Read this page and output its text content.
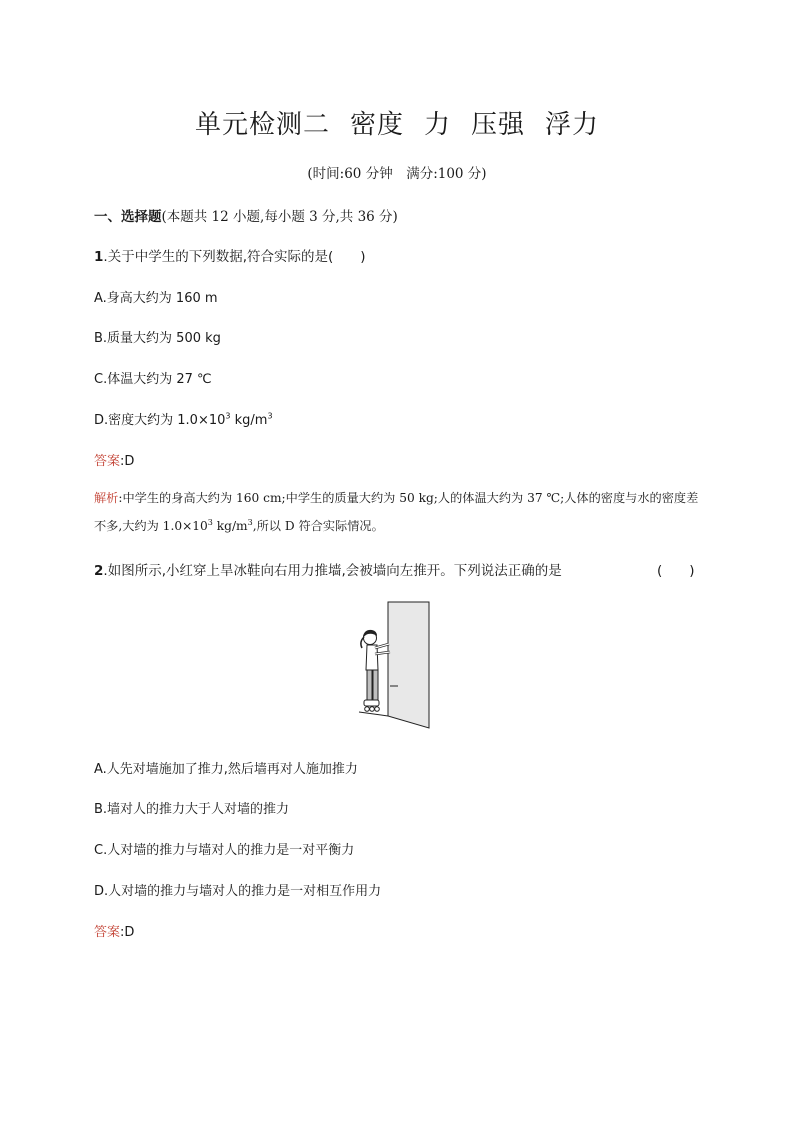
单元检测二 密度 力 压强 浮力
(时间:60 分钟　满分:100 分)
一、选择题(本题共 12 小题,每小题 3 分,共 36 分)
1.关于中学生的下列数据,符合实际的是(　　)
A.身高大约为 160 m
B.质量大约为 500 kg
C.体温大约为 27 ℃
D.密度大约为 $1.0\times 10^3$ $kg/m^3$
答案:D
解析:中学生的身高大约为 160 cm;中学生的质量大约为 50 kg;人的体温大约为 37 ℃;人体的密度与水的密度差不多,大约为 $1.0\times 10^3$ $kg/m^3$,所以 D 符合实际情况。
2.如图所示,小红穿上旱冰鞋向右用力推墙,会被墙向左推开。下列说法正确的是	(　　)
A.人先对墙施加了推力,然后墙再对人施加推力
B.墙对人的推力大于人对墙的推力
C.人对墙的推力与墙对人的推力是一对平衡力
D.人对墙的推力与墙对人的推力是一对相互作用力
答案:D
